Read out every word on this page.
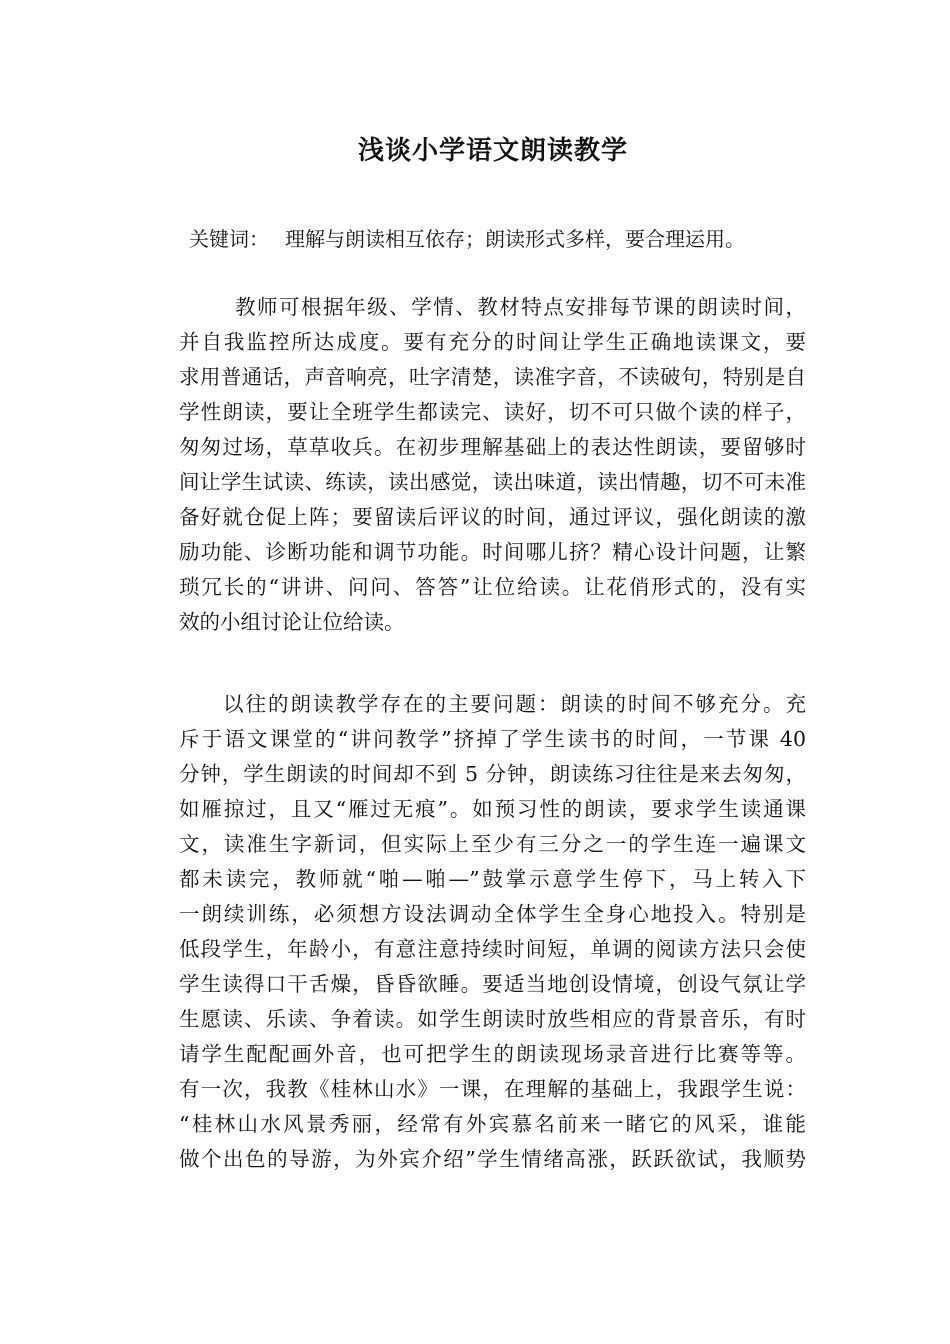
浅谈小学语文朗读教学

关键词： 理解与朗读相互依存；朗读形式多样，要合理运用。

教师可根据年级、学情、教材特点安排每节课的朗读时间，
并自我监控所达成度。要有充分的时间让学生正确地读课文，要
求用普通话，声音响亮，吐字清楚，读准字音，不读破句，特别是自
学性朗读，要让全班学生都读完、读好，切不可只做个读的样子，
匆匆过场，草草收兵。在初步理解基础上的表达性朗读，要留够时
间让学生试读、练读，读出感觉，读出味道，读出情趣，切不可未准
备好就仓促上阵；要留读后评议的时间，通过评议，强化朗读的激
励功能、诊断功能和调节功能。时间哪儿挤？精心设计问题，让繁
琐冗长的“讲讲、问问、答答”让位给读。让花俏形式的，没有实
效的小组讨论让位给读。
以往的朗读教学存在的主要问题：朗读的时间不够充分。充
斥于语文课堂的“讲问教学”挤掉了学生读书的时间，一节课 40
分钟，学生朗读的时间却不到 5 分钟，朗读练习往往是来去匆匆，
如雁掠过，且又“雁过无痕”。如预习性的朗读，要求学生读通课
文，读准生字新词，但实际上至少有三分之一的学生连一遍课文
都未读完，教师就“啪—啪—”鼓掌示意学生停下，马上转入下
一朗续训练，必须想方设法调动全体学生全身心地投入。特别是
低段学生，年龄小，有意注意持续时间短，单调的阅读方法只会使
学生读得口干舌燥，昏昏欲睡。要适当地创设情境，创设气氛让学
生愿读、乐读、争着读。如学生朗读时放些相应的背景音乐，有时
请学生配配画外音，也可把学生的朗读现场录音进行比赛等等。
有一次，我教《桂林山水》一课，在理解的基础上，我跟学生说：
“桂林山水风景秀丽，经常有外宾慕名前来一睹它的风采，谁能
做个出色的导游，为外宾介绍”学生情绪高涨，跃跃欲试，我顺势
